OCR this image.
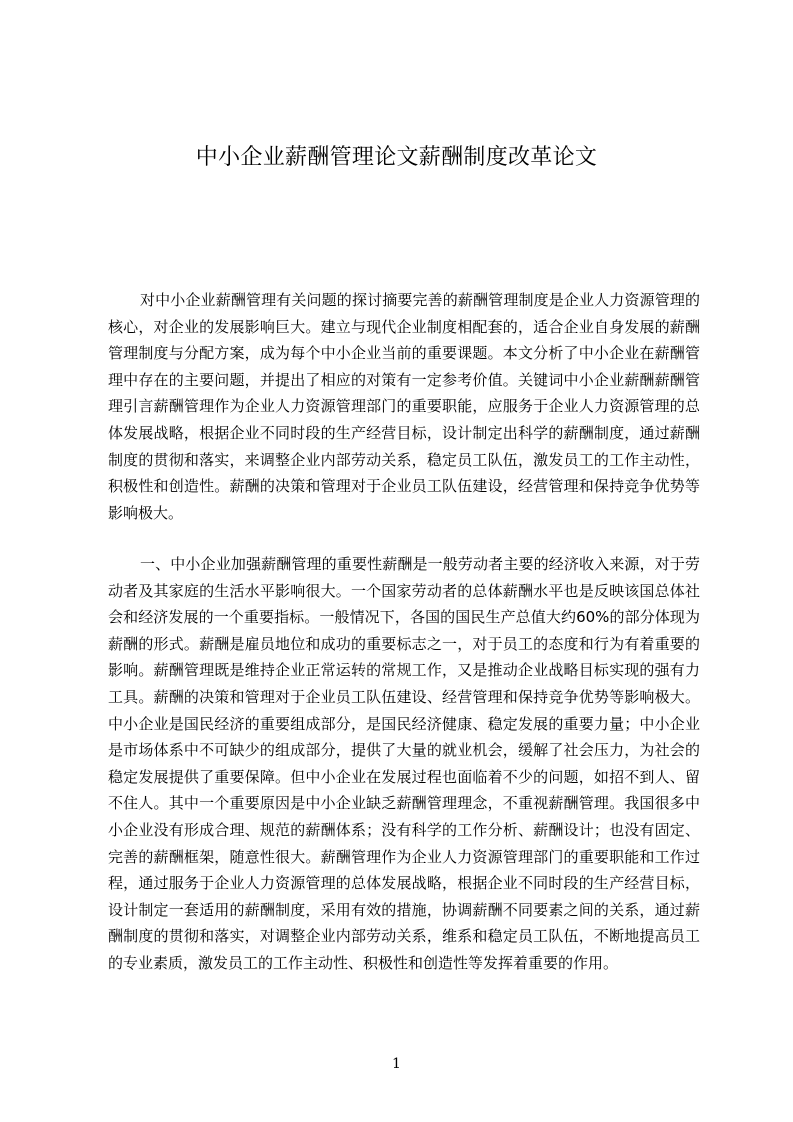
中小企业薪酬管理论文薪酬制度改革论文

对中小企业薪酬管理有关问题的探讨摘要完善的薪酬管理制度是企业人力资源管理的核心，对企业的发展影响巨大。建立与现代企业制度相配套的，适合企业自身发展的薪酬管理制度与分配方案，成为每个中小企业当前的重要课题。本文分析了中小企业在薪酬管理中存在的主要问题，并提出了相应的对策有一定参考价值。关键词中小企业薪酬薪酬管理引言薪酬管理作为企业人力资源管理部门的重要职能，应服务于企业人力资源管理的总体发展战略，根据企业不同时段的生产经营目标，设计制定出科学的薪酬制度，通过薪酬制度的贯彻和落实，来调整企业内部劳动关系，稳定员工队伍，激发员工的工作主动性，积极性和创造性。薪酬的决策和管理对于企业员工队伍建设，经营管理和保持竞争优势等影响极大。

一、中小企业加强薪酬管理的重要性薪酬是一般劳动者主要的经济收入来源，对于劳动者及其家庭的生活水平影响很大。一个国家劳动者的总体薪酬水平也是反映该国总体社会和经济发展的一个重要指标。一般情况下，各国的国民生产总值大约60%的部分体现为薪酬的形式。薪酬是雇员地位和成功的重要标志之一，对于员工的态度和行为有着重要的影响。薪酬管理既是维持企业正常运转的常规工作，又是推动企业战略目标实现的强有力工具。薪酬的决策和管理对于企业员工队伍建设、经营管理和保持竞争优势等影响极大。中小企业是国民经济的重要组成部分，是国民经济健康、稳定发展的重要力量；中小企业是市场体系中不可缺少的组成部分，提供了大量的就业机会，缓解了社会压力，为社会的稳定发展提供了重要保障。但中小企业在发展过程也面临着不少的问题，如招不到人、留不住人。其中一个重要原因是中小企业缺乏薪酬管理理念，不重视薪酬管理。我国很多中小企业没有形成合理、规范的薪酬体系；没有科学的工作分析、薪酬设计；也没有固定、完善的薪酬框架，随意性很大。薪酬管理作为企业人力资源管理部门的重要职能和工作过程，通过服务于企业人力资源管理的总体发展战略，根据企业不同时段的生产经营目标，设计制定一套适用的薪酬制度，采用有效的措施，协调薪酬不同要素之间的关系，通过薪酬制度的贯彻和落实，对调整企业内部劳动关系，维系和稳定员工队伍，不断地提高员工的专业素质，激发员工的工作主动性、积极性和创造性等发挥着重要的作用。

1
